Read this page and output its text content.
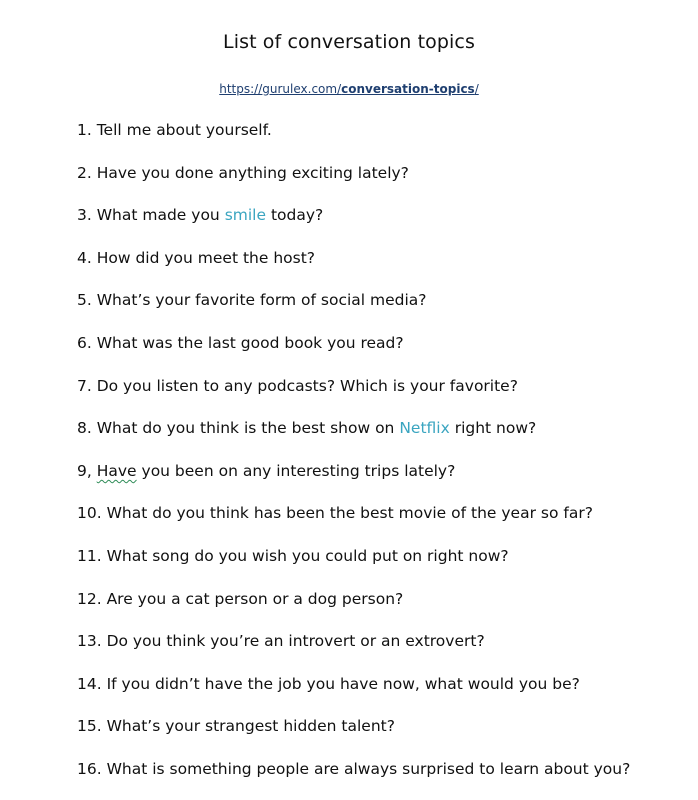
List of conversation topics
https://gurulex.com/conversation-topics/
1. Tell me about yourself.
2. Have you done anything exciting lately?
3. What made you smile today?
4. How did you meet the host?
5. What’s your favorite form of social media?
6. What was the last good book you read?
7. Do you listen to any podcasts? Which is your favorite?
8. What do you think is the best show on Netflix right now?
9, Have you been on any interesting trips lately?
10. What do you think has been the best movie of the year so far?
11. What song do you wish you could put on right now?
12. Are you a cat person or a dog person?
13. Do you think you’re an introvert or an extrovert?
14. If you didn’t have the job you have now, what would you be?
15. What’s your strangest hidden talent?
16. What is something people are always surprised to learn about you?
